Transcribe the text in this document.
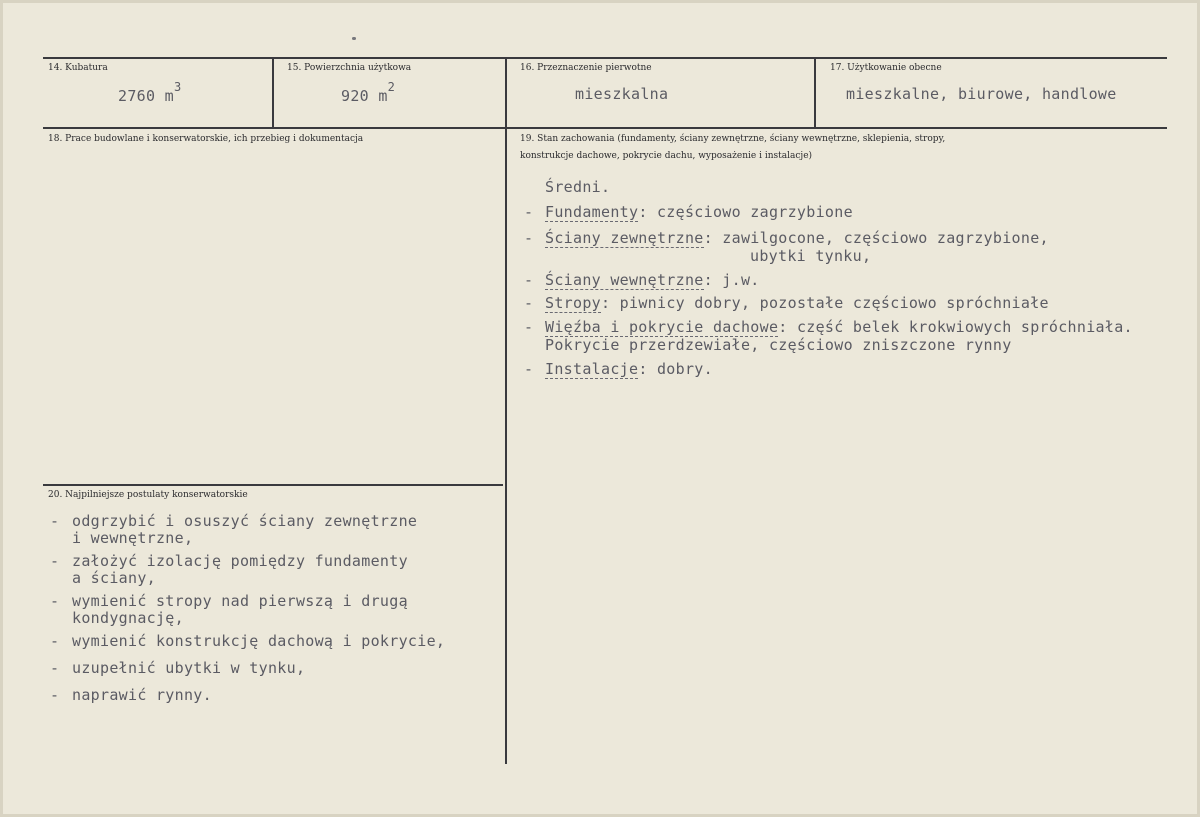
14. Kubatura
2760 $m^3$
15. Powierzchnia użytkowa
920 $m^2$
16. Przeznaczenie pierwotne
mieszkalna
17. Użytkowanie obecne
mieszkalne, biurowe, handlowe
18. Prace budowlane i konserwatorskie, ich przebieg i dokumentacja	19. Stan zachowania (fundamenty, ściany zewnętrzne, ściany wewnętrzne, sklepienia, stropy, konstrukcje dachowe, pokrycie dachu, wyposażenie i instalacje)
Średni.
- Fundamenty: częściowo zagrzybione
- Ściany zewnętrzne: zawilgocone, częściowo zagrzybione,
ubytki tynku,
- Ściany wewnętrzne: j.w.
- Stropy: piwnicy dobry, pozostałe częściowo spróchniałe
- Więźba i pokrycie dachowe: część belek krokwiowych spróchniała.
Pokrycie przerdzewiałe, częściowo zniszczone rynny
- Instalacje: dobry.
20. Najpilniejsze postulaty konserwatorskie
- odgrzybić i osuszyć ściany zewnętrzne
i wewnętrzne,
- założyć izolację pomiędzy fundamenty
a ściany,
- wymienić stropy nad pierwszą i drugą
kondygnację,
- wymienić konstrukcję dachową i pokrycie,
- uzupełnić ubytki w tynku,
- naprawić rynny.
